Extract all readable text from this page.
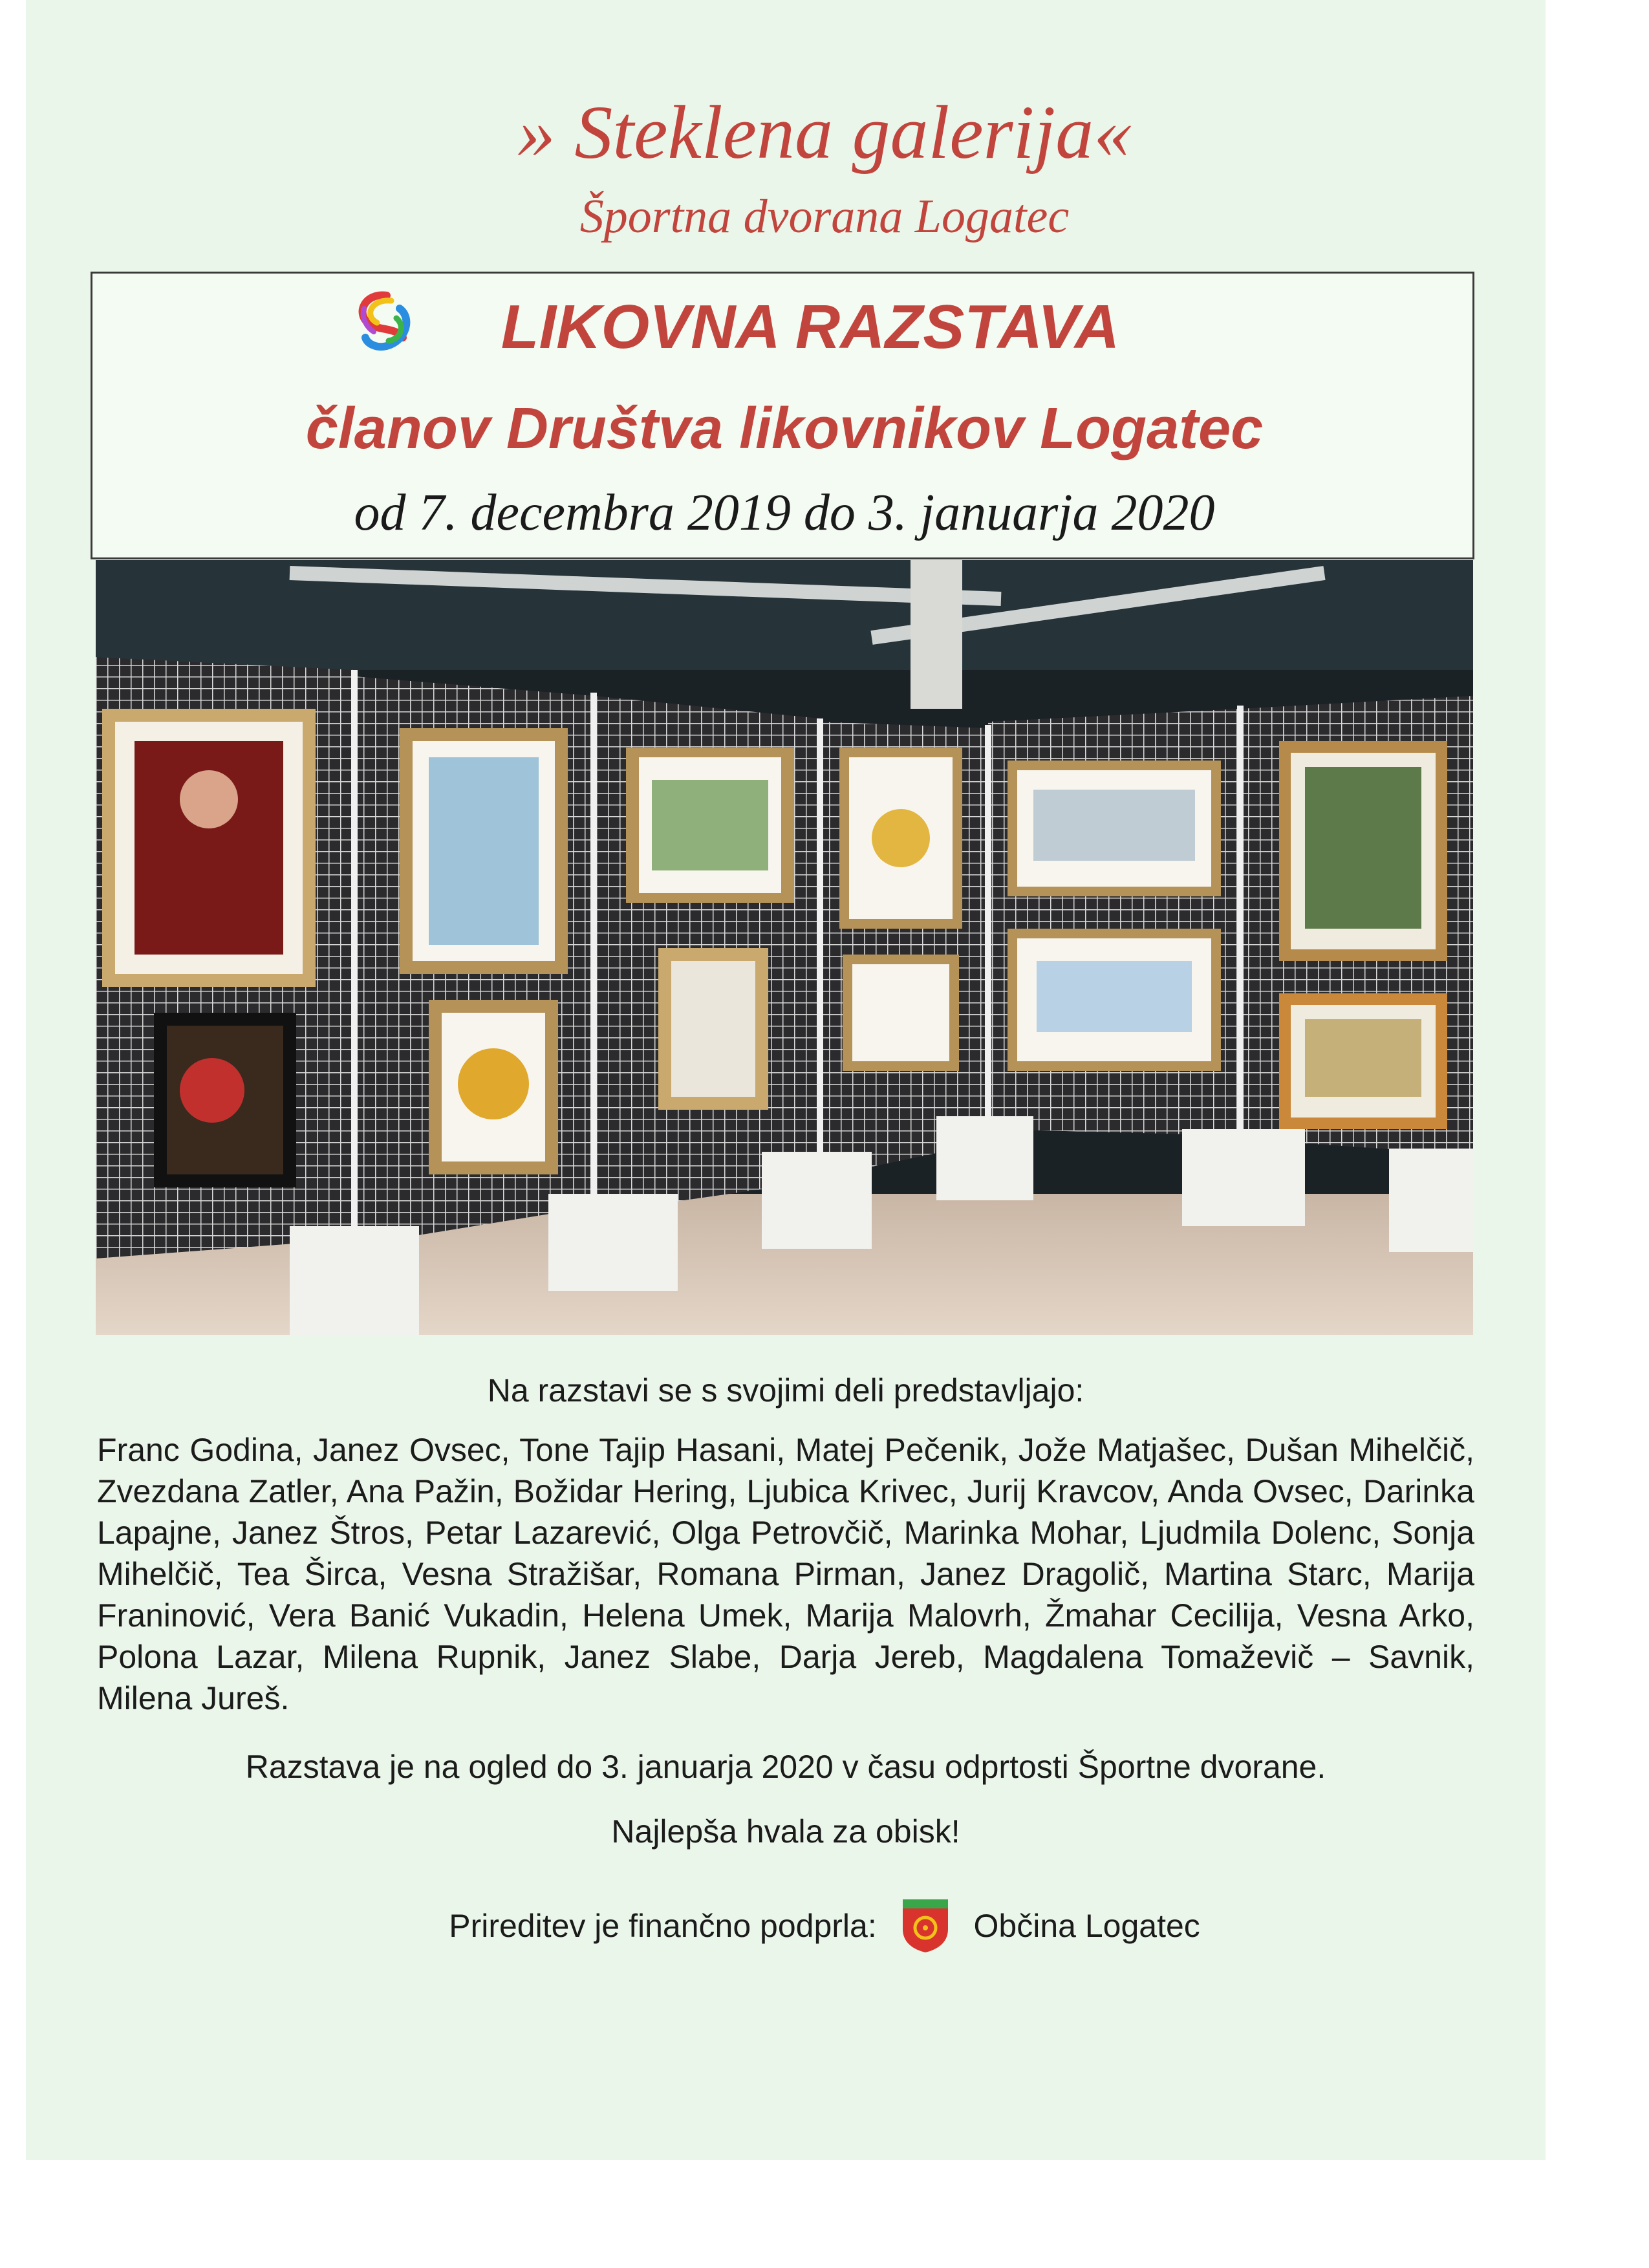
» Steklena galerija«
Športna dvorana Logatec
LIKOVNA RAZSTAVA
članov Društva likovnikov Logatec
od 7. decembra 2019 do 3. januarja 2020
Na razstavi se s svojimi deli predstavljajo:
Franc Godina, Janez Ovsec, Tone Tajip Hasani, Matej Pečenik, Jože Matjašec, Dušan Mihelčič, Zvezdana Zatler, Ana Pažin, Božidar Hering, Ljubica Krivec, Jurij Kravcov, Anda Ovsec, Darinka Lapajne, Janez Štros, Petar Lazarević, Olga Petrovčič, Marinka Mohar, Ljudmila Dolenc, Sonja Mihelčič, Tea Širca, Vesna Stražišar, Romana Pirman, Janez Dragolič, Martina Starc, Marija Franinović, Vera Banić Vukadin, Helena Umek, Marija Malovrh, Žmahar Cecilija, Vesna Arko, Polona Lazar, Milena Rupnik, Janez Slabe, Darja Jereb, Magdalena Tomaževič – Savnik, Milena Jureš.
Razstava je na ogled do 3. januarja 2020 v času odprtosti Športne dvorane.
Najlepša hvala za obisk!
Prireditev je finančno podprla:	Občina Logatec
